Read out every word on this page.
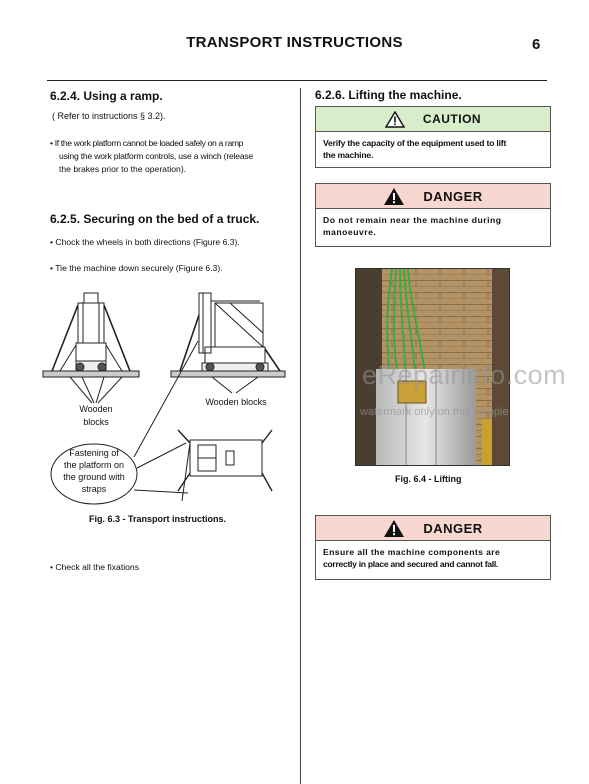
TRANSPORT INSTRUCTIONS	6
6.2.4. Using a ramp.
( Refer to instructions § 3.2).
• If the work platform cannot be loaded safely on a ramp
using the work platform controls, use a winch (release
the brakes prior to the operation).
6.2.5. Securing on the bed of a truck.
• Chock the wheels in both directions (Figure 6.3).
• Tie the machine down securely (Figure 6.3).
Wooden
blocks
Wooden blocks
Fastening of
the platform on
the ground with
straps
Fig. 6.3 - Transport instructions.
• Check all the fixations
6.2.6. Lifting the machine.
CAUTION
Verify the capacity of the equipment used to lift
the machine.
DANGER
Do not remain near the machine during
manoeuvre.
Fig. 6.4 - Lifting
DANGER
Ensure all the machine components are
correctly in place and secured and cannot fall.
eRepairinfo.com
watermark only on this sample
